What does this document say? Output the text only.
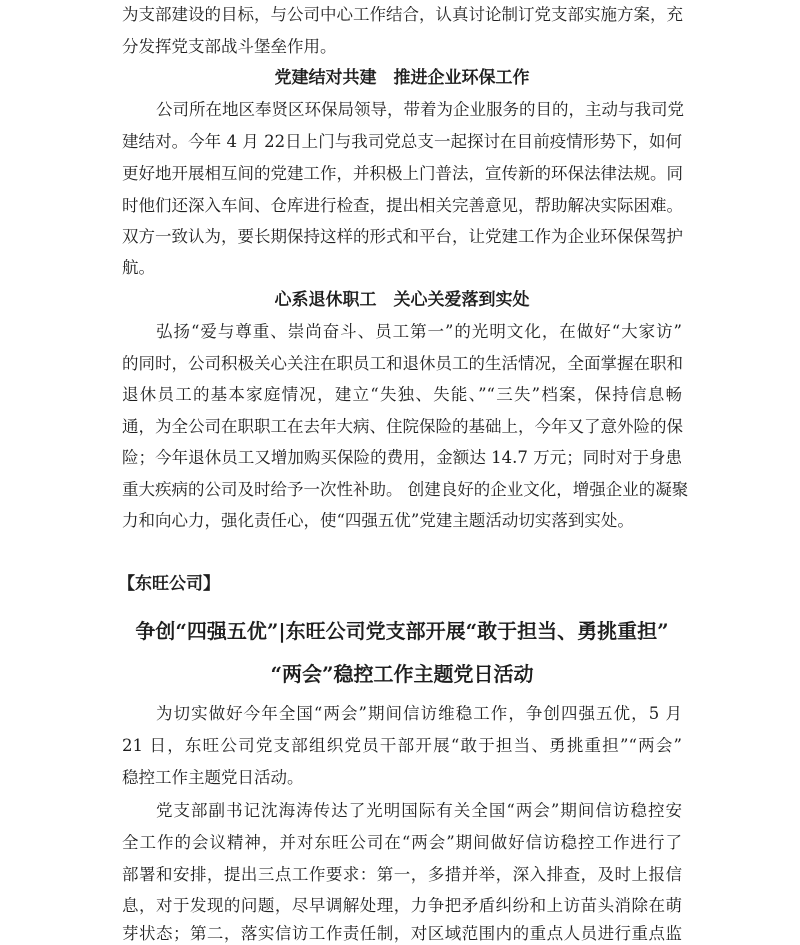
为支部建设的目标，与公司中心工作结合，认真讨论制订党支部实施方案，充
分发挥党支部战斗堡垒作用。
党建结对共建　推进企业环保工作
公司所在地区奉贤区环保局领导，带着为企业服务的目的，主动与我司党
建结对。今年 4 月 22日上门与我司党总支一起探讨在目前疫情形势下，如何
更好地开展相互间的党建工作，并积极上门普法，宣传新的环保法律法规。同
时他们还深入车间、仓库进行检查，提出相关完善意见，帮助解决实际困难。
双方一致认为，要长期保持这样的形式和平台，让党建工作为企业环保保驾护
航。
心系退休职工　关心关爱落到实处
弘扬“爱与尊重、崇尚奋斗、员工第一”的光明文化，在做好“大家访”
的同时，公司积极关心关注在职员工和退休员工的生活情况，全面掌握在职和
退休员工的基本家庭情况，建立“失独、失能、”“三失”档案，保持信息畅
通，为全公司在职职工在去年大病、住院保险的基础上，今年又了意外险的保
险；今年退休员工又增加购买保险的费用，金额达 14.7 万元；同时对于身患
重大疾病的公司及时给予一次性补助。 创建良好的企业文化，增强企业的凝聚
力和向心力，强化责任心，使“四强五优”党建主题活动切实落到实处。
【东旺公司】
争创“四强五优”|东旺公司党支部开展“敢于担当、勇挑重担”
“两会”稳控工作主题党日活动
为切实做好今年全国“两会”期间信访维稳工作，争创四强五优，5 月
21 日，东旺公司党支部组织党员干部开展“敢于担当、勇挑重担”“两会”
稳控工作主题党日活动。
党支部副书记沈海涛传达了光明国际有关全国“两会”期间信访稳控安
全工作的会议精神，并对东旺公司在“两会”期间做好信访稳控工作进行了
部署和安排，提出三点工作要求：第一，多措并举，深入排查，及时上报信
息，对于发现的问题，尽早调解处理，力争把矛盾纠纷和上访苗头消除在萌
芽状态；第二，落实信访工作责任制，对区域范围内的重点人员进行重点监
